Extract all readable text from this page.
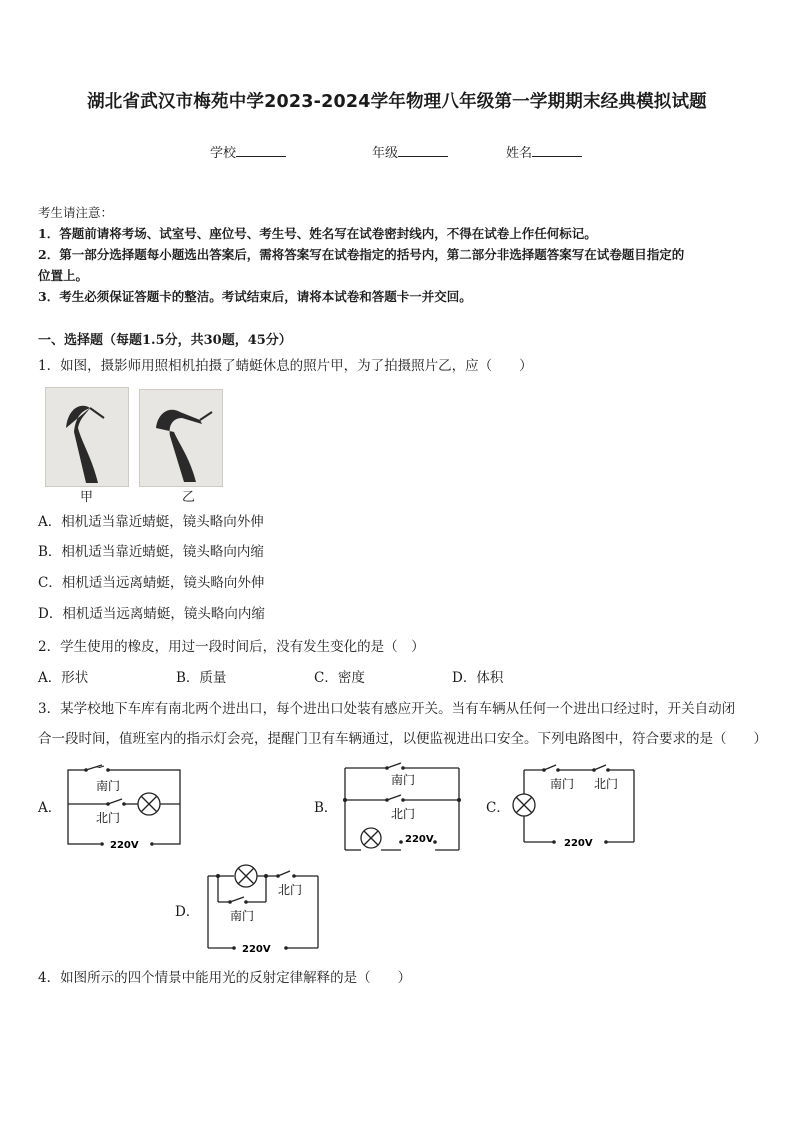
湖北省武汉市梅苑中学2023-2024学年物理八年级第一学期期末经典模拟试题
学校	年级	姓名
考生请注意：
1．答题前请将考场、试室号、座位号、考生号、姓名写在试卷密封线内，不得在试卷上作任何标记。
2．第一部分选择题每小题选出答案后，需将答案写在试卷指定的括号内，第二部分非选择题答案写在试卷题目指定的
位置上。
3．考生必须保证答题卡的整洁。考试结束后，请将本试卷和答题卡一并交回。
一、选择题（每题1.5分，共30题，45分）
1．如图，摄影师用照相机拍摄了蜻蜓休息的照片甲，为了拍摄照片乙，应（　　）
甲	乙
A．相机适当靠近蜻蜓，镜头略向外伸
B．相机适当靠近蜻蜓，镜头略向内缩
C．相机适当远离蜻蜓，镜头略向外伸
D．相机适当远离蜻蜓，镜头略向内缩
2．学生使用的橡皮，用过一段时间后，没有发生变化的是（　）
A．形状	B．质量	C．密度	D．体积
3．某学校地下车库有南北两个进出口，每个进出口处装有感应开关。当有车辆从任何一个进出口经过时，开关自动闭
合一段时间，值班室内的指示灯会亮，提醒门卫有车辆通过，以便监视进出口安全。下列电路图中，符合要求的是（　　）
A．
南门
北门
220V
B．
南门
北门
220V
C．
南门 北门
220V
D．
北门
南门
220V
4．如图所示的四个情景中能用光的反射定律解释的是（　　）
